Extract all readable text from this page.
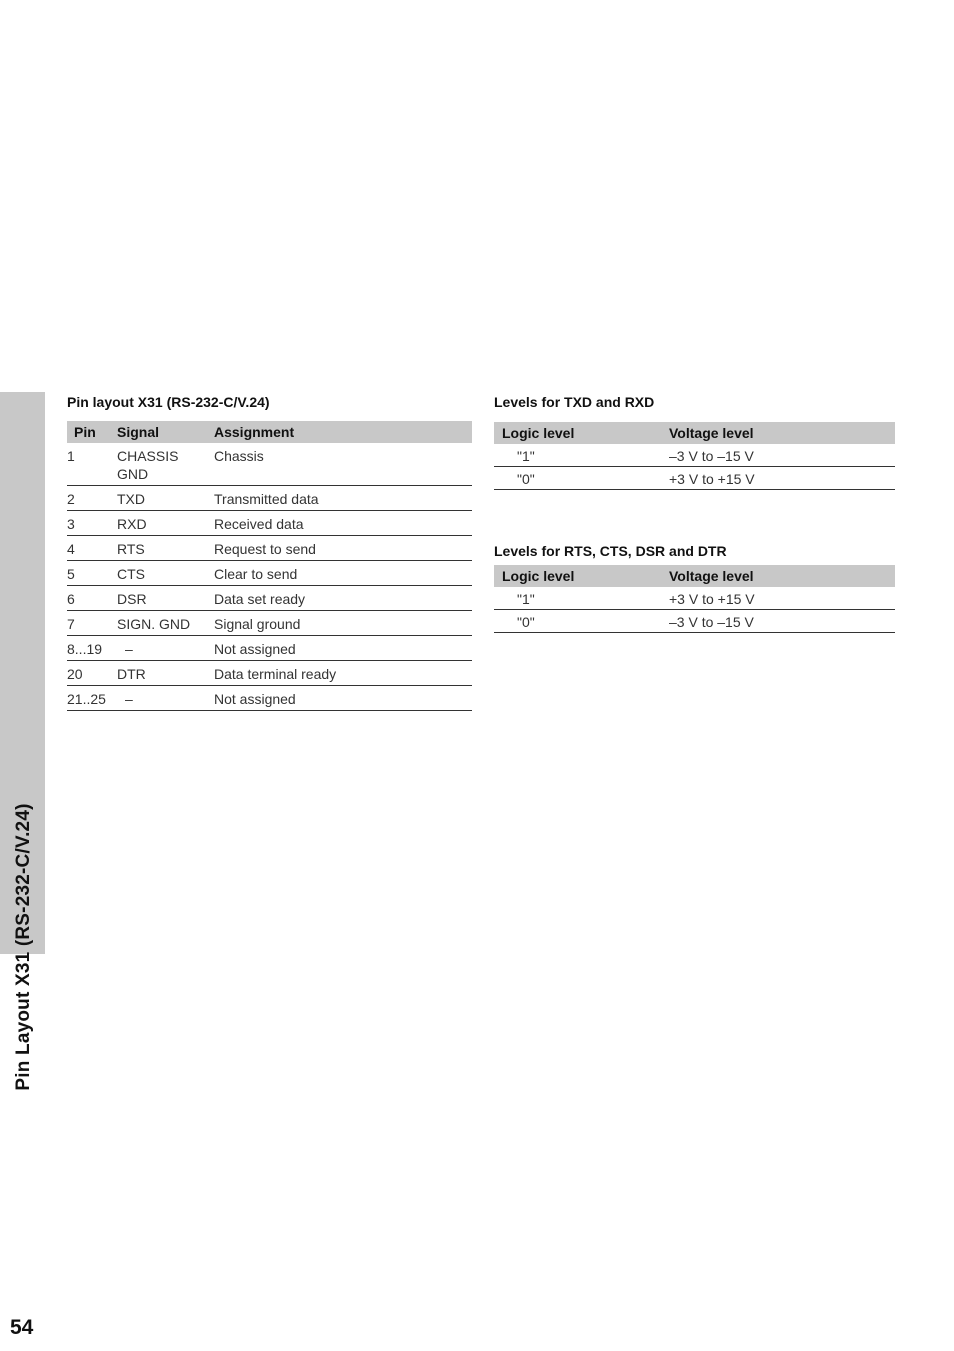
Pin Layout X31 (RS-232-C/V.24)
54
Pin layout X31 (RS-232-C/V.24)
Pin	Signal	Assignment
1	CHASSIS GND	Chassis
2	TXD	Transmitted data
3	RXD	Received data
4	RTS	Request to send
5	CTS	Clear to send
6	DSR	Data set ready
7	SIGN. GND	Signal ground
8...19	–	Not assigned
20	DTR	Data terminal ready
21..25	–	Not assigned
Levels for TXD and RXD
Logic level	Voltage level
"1"	–3 V to –15 V
"0"	+3 V to +15 V
Levels for RTS, CTS, DSR and DTR
Logic level	Voltage level
"1"	+3 V to +15 V
"0"	–3 V to –15 V
